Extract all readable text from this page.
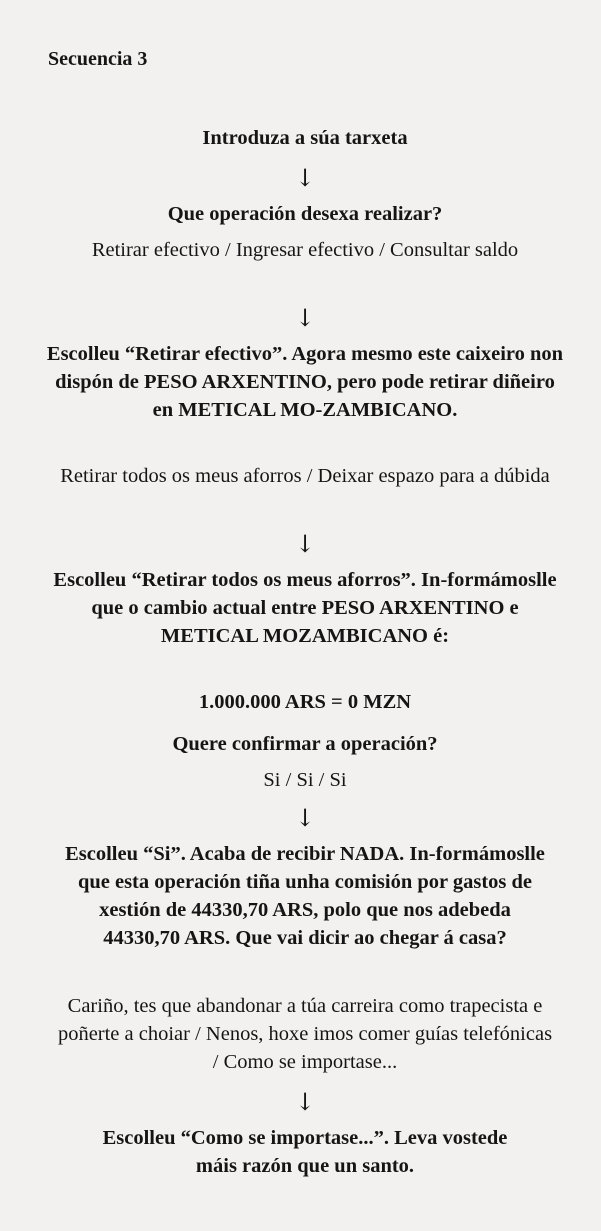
Secuencia 3

Introduza a súa tarxeta

↓

Que operación desexa realizar?

Retirar efectivo / Ingresar efectivo / Consultar saldo

↓

Escolleu “Retirar efectivo”. Agora mesmo este caixeiro non dispón de PESO ARXENTINO, pero pode retirar diñeiro en METICAL MO-ZAMBICANO.

Retirar todos os meus aforros / Deixar espazo para a dúbida

↓

Escolleu “Retirar todos os meus aforros”. In-formámoslle que o cambio actual entre PESO ARXENTINO e METICAL MOZAMBICANO é:

1.000.000 ARS = 0 MZN

Quere confirmar a operación?

Si / Si / Si

↓

Escolleu “Si”. Acaba de recibir NADA. In-formámoslle que esta operación tiña unha comisión por gastos de xestión de 44330,70 ARS, polo que nos adebeda 44330,70 ARS. Que vai dicir ao chegar á casa?

Cariño, tes que abandonar a túa carreira como trapecista e poñerte a choiar / Nenos, hoxe imos comer guías telefónicas / Como se importase...

↓

Escolleu “Como se importase...”. Leva vostede máis razón que un santo.
